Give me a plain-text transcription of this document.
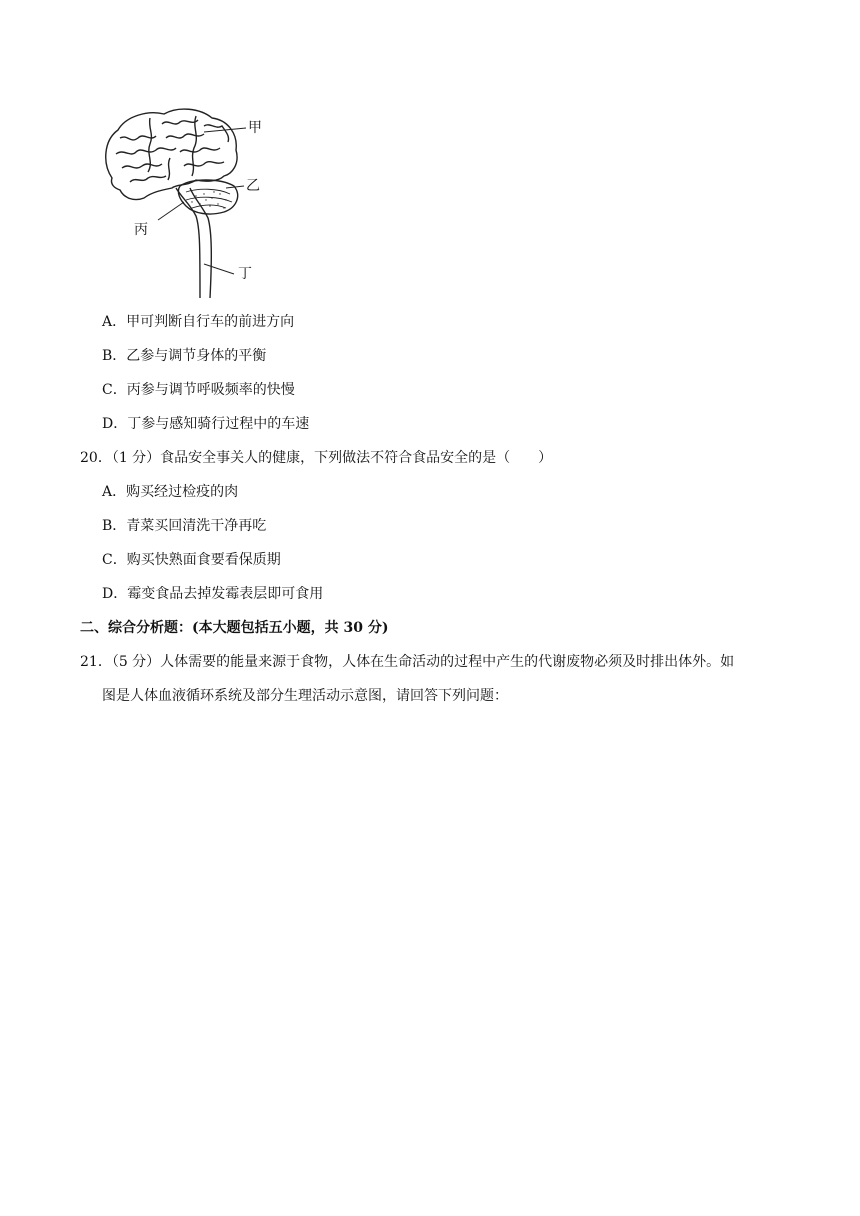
甲
乙
丙
丁
A．甲可判断自行车的前进方向
B．乙参与调节身体的平衡
C．丙参与调节呼吸频率的快慢
D．丁参与感知骑行过程中的车速
20．（1 分）食品安全事关人的健康，下列做法不符合食品安全的是（　　）
A．购买经过检疫的肉
B．青菜买回清洗干净再吃
C．购买快熟面食要看保质期
D．霉变食品去掉发霉表层即可食用
二、综合分析题：(本大题包括五小题，共 30 分)
21．（5 分）人体需要的能量来源于食物，人体在生命活动的过程中产生的代谢废物必须及时排出体外。如
图是人体血液循环系统及部分生理活动示意图，请回答下列问题：
